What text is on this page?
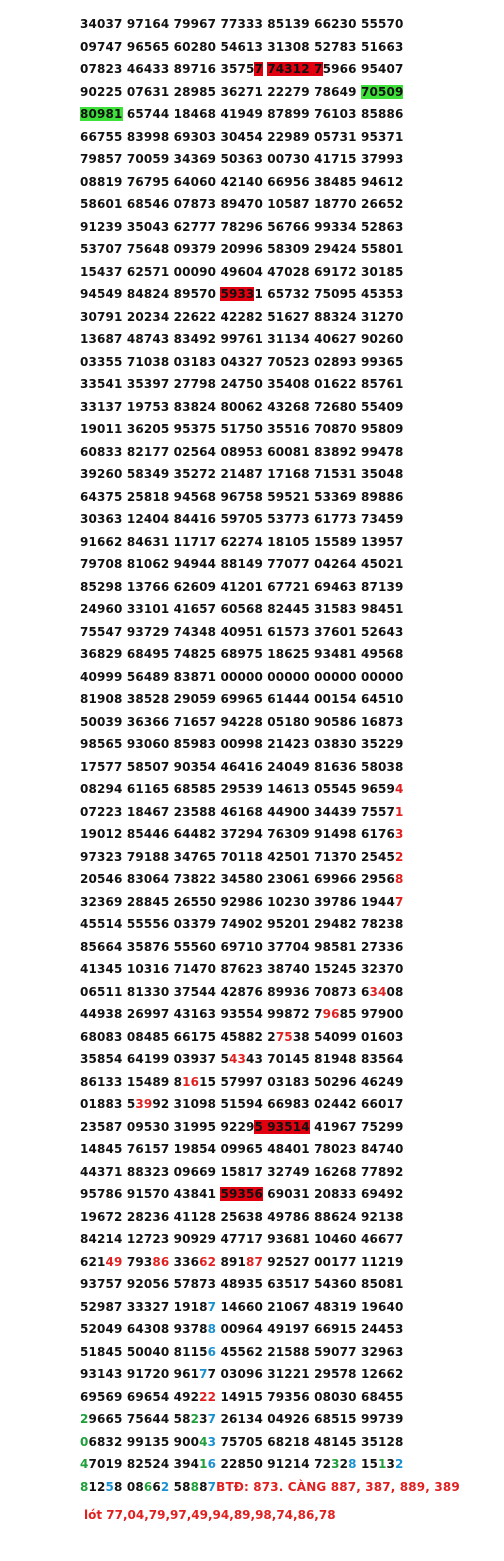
34037 97164 79967 77333 85139 66230 55570
09747 96565 60280 54613 31308 52783 51663
07823 46433 89716 35757 74312 75966 95407
90225 07631 28985 36271 22279 78649 70509
80981 65744 18468 41949 87899 76103 85886
66755 83998 69303 30454 22989 05731 95371
79857 70059 34369 50363 00730 41715 37993
08819 76795 64060 42140 66956 38485 94612
58601 68546 07873 89470 10587 18770 26652
91239 35043 62777 78296 56766 99334 52863
53707 75648 09379 20996 58309 29424 55801
15437 62571 00090 49604 47028 69172 30185
94549 84824 89570 59331 65732 75095 45353
30791 20234 22622 42282 51627 88324 31270
13687 48743 83492 99761 31134 40627 90260
03355 71038 03183 04327 70523 02893 99365
33541 35397 27798 24750 35408 01622 85761
33137 19753 83824 80062 43268 72680 55409
19011 36205 95375 51750 35516 70870 95809
60833 82177 02564 08953 60081 83892 99478
39260 58349 35272 21487 17168 71531 35048
64375 25818 94568 96758 59521 53369 89886
30363 12404 84416 59705 53773 61773 73459
91662 84631 11717 62274 18105 15589 13957
79708 81062 94944 88149 77077 04264 45021
85298 13766 62609 41201 67721 69463 87139
24960 33101 41657 60568 82445 31583 98451
75547 93729 74348 40951 61573 37601 52643
36829 68495 74825 68975 18625 93481 49568
40999 56489 83871 00000 00000 00000 00000
81908 38528 29059 69965 61444 00154 64510
50039 36366 71657 94228 05180 90586 16873
98565 93060 85983 00998 21423 03830 35229
17577 58507 90354 46416 24049 81636 58038
08294 61165 68585 29539 14613 05545 96594
07223 18467 23588 46168 44900 34439 75571
19012 85446 64482 37294 76309 91498 61763
97323 79188 34765 70118 42501 71370 25452
20546 83064 73822 34580 23061 69966 29568
32369 28845 26550 92986 10230 39786 19447
45514 55556 03379 74902 95201 29482 78238
85664 35876 55560 69710 37704 98581 27336
41345 10316 71470 87623 38740 15245 32370
06511 81330 37544 42876 89936 70873 63408
44938 26997 43163 93554 99872 79685 97900
68083 08485 66175 45882 27538 54099 01603
35854 64199 03937 54343 70145 81948 83564
86133 15489 81615 57997 03183 50296 46249
01883 53992 31098 51594 66983 02442 66017
23587 09530 31995 92295 93514 41967 75299
14845 76157 19854 09965 48401 78023 84740
44371 88323 09669 15817 32749 16268 77892
95786 91570 43841 59356 69031 20833 69492
19672 28236 41128 25638 49786 88624 92138
84214 12723 90929 47717 93681 10460 46677
62149 79386 33662 89187 92527 00177 11219
93757 92056 57873 48935 63517 54360 85081
52987 33327 19187 14660 21067 48319 19640
52049 64308 93788 00964 49197 66915 24453
51845 50040 81156 45562 21588 59077 32963
93143 91720 96177 03096 31221 29578 12662
69569 69654 49222 14915 79356 08030 68455
29665 75644 58237 26134 04926 68515 99739
06832 99135 90043 75705 68218 48145 35128
47019 82524 39416 22850 91214 72328 15132
81258 08662 58887BTĐ: 873. CÀNG 887, 387, 889, 389
lót 77,04,79,97,49,94,89,98,74,86,78
